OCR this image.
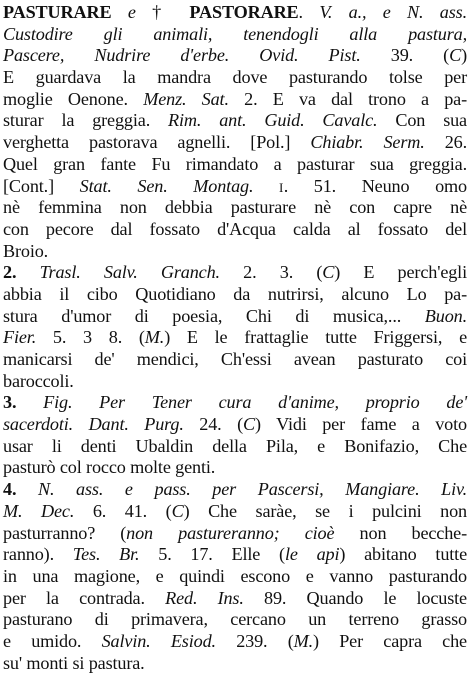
PASTURARE e † PASTORARE. V. a., e N. ass.
Custodire gli animali, tenendogli alla pastura,
Pascere, Nudrire d'erbe. Ovid. Pist. 39. (C)
E guardava la mandra dove pasturando tolse per
moglie Oenone. Menz. Sat. 2. E va dal trono a pa-
sturar la greggia. Rim. ant. Guid. Cavalc. Con sua
verghetta pastorava agnelli. [Pol.] Chiabr. Serm. 26.
Quel gran fante Fu rimandato a pasturar sua greggia.
[Cont.] Stat. Sen. Montag. i. 51. Neuno omo
nè femmina non debbia pasturare nè con capre nè
con pecore dal fossato d'Acqua calda al fossato del
Broio.
2. Trasl. Salv. Granch. 2. 3. (C) E perch'egli
abbia il cibo Quotidiano da nutrirsi, alcuno Lo pa-
stura d'umor di poesia, Chi di musica,... Buon.
Fier. 5. 3 8. (M.) E le frattaglie tutte Friggersi, e
manicarsi de' mendici, Ch'essi avean pasturato coi
baroccoli.
3. Fig. Per Tener cura d'anime, proprio de'
sacerdoti. Dant. Purg. 24. (C) Vidi per fame a voto
usar li denti Ubaldin della Pila, e Bonifazio, Che
pasturò col rocco molte genti.
4. N. ass. e pass. per Pascersi, Mangiare. Liv.
M. Dec. 6. 41. (C) Che saràe, se i pulcini non
pasturranno? (non pastureranno; cioè non becche-
ranno). Tes. Br. 5. 17. Elle (le api) abitano tutte
in una magione, e quindi escono e vanno pasturando
per la contrada. Red. Ins. 89. Quando le locuste
pasturano di primavera, cercano un terreno grasso
e umido. Salvin. Esiod. 239. (M.) Per capra che
su' monti si pastura.
